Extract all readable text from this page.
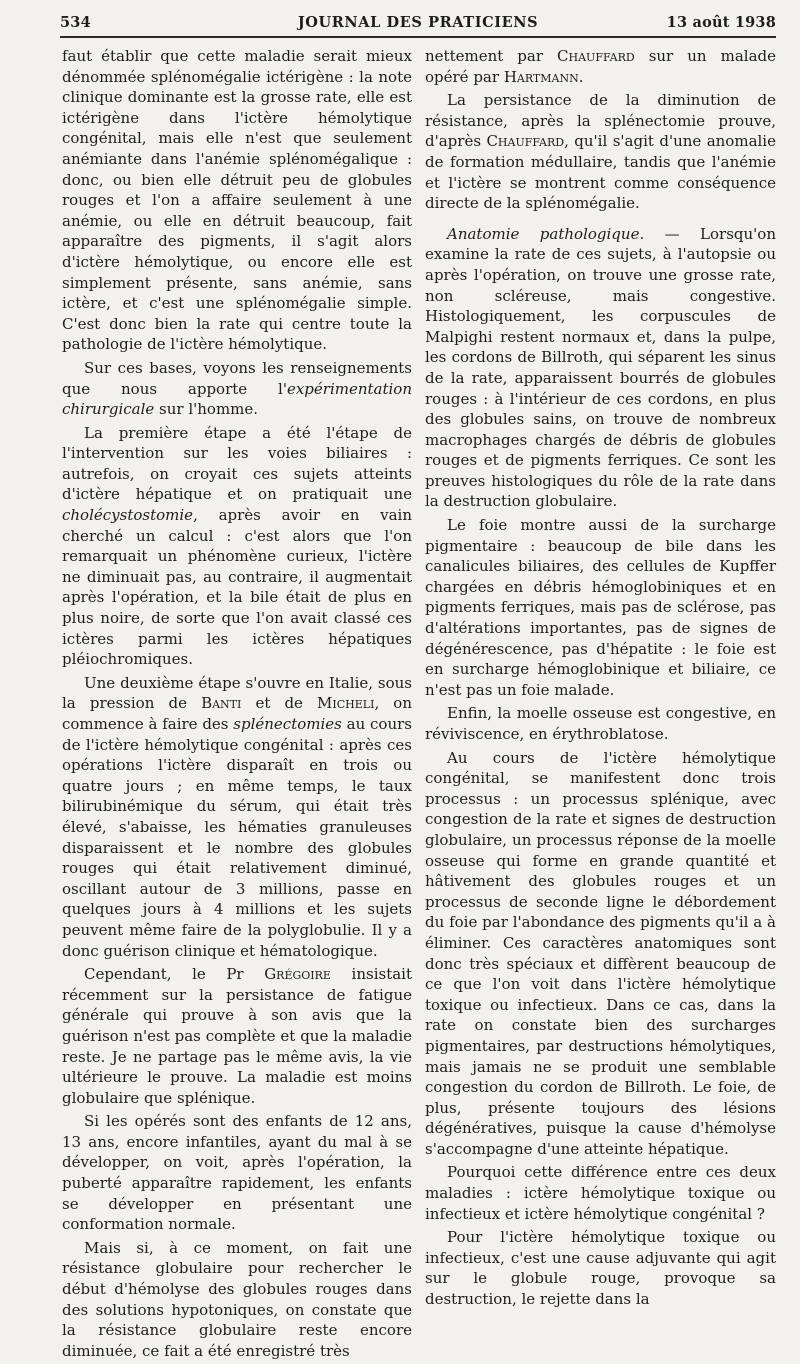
534	JOURNAL DES PRATICIENS	13 août 1938

faut établir que cette maladie serait mieux dénommée splénomégalie ictérigène : la note clinique dominante est la grosse rate, elle est ictérigène dans l'ictère hémolytique congénital, mais elle n'est que seulement anémiante dans l'anémie splénomégalique : donc, ou bien elle détruit peu de globules rouges et l'on a affaire seulement à une anémie, ou elle en détruit beaucoup, fait apparaître des pigments, il s'agit alors d'ictère hémolytique, ou encore elle est simplement présente, sans anémie, sans ictère, et c'est une splénomégalie simple. C'est donc bien la rate qui centre toute la pathologie de l'ictère hémolytique.

Sur ces bases, voyons les renseignements que nous apporte l'expérimentation chirurgicale sur l'homme.

La première étape a été l'étape de l'intervention sur les voies biliaires : autrefois, on croyait ces sujets atteints d'ictère hépatique et on pratiquait une cholécystostomie, après avoir en vain cherché un calcul : c'est alors que l'on remarquait un phénomène curieux, l'ictère ne diminuait pas, au contraire, il augmentait après l'opération, et la bile était de plus en plus noire, de sorte que l'on avait classé ces ictères parmi les ictères hépatiques pléiochromiques.

Une deuxième étape s'ouvre en Italie, sous la pression de Banti et de Micheli, on commence à faire des splénectomies au cours de l'ictère hémolytique congénital : après ces opérations l'ictère disparaît en trois ou quatre jours ; en même temps, le taux bilirubinémique du sérum, qui était très élevé, s'abaisse, les hématies granuleuses disparaissent et le nombre des globules rouges qui était relativement diminué, oscillant autour de 3 millions, passe en quelques jours à 4 millions et les sujets peuvent même faire de la polyglobulie. Il y a donc guérison clinique et hématologique.

Cependant, le Pr Grégoire insistait récemment sur la persistance de fatigue générale qui prouve à son avis que la guérison n'est pas complète et que la maladie reste. Je ne partage pas le même avis, la vie ultérieure le prouve. La maladie est moins globulaire que splénique.

Si les opérés sont des enfants de 12 ans, 13 ans, encore infantiles, ayant du mal à se développer, on voit, après l'opération, la puberté apparaître rapidement, les enfants se développer en présentant une conformation normale.

Mais si, à ce moment, on fait une résistance globulaire pour rechercher le début d'hémolyse des globules rouges dans des solutions hypotoniques, on constate que la résistance globulaire reste encore diminuée, ce fait a été enregistré très

nettement par Chauffard sur un malade opéré par Hartmann.

La persistance de la diminution de résistance, après la splénectomie prouve, d'après Chauffard, qu'il s'agit d'une anomalie de formation médullaire, tandis que l'anémie et l'ictère se montrent comme conséquence directe de la splénomégalie.

Anatomie pathologique. — Lorsqu'on examine la rate de ces sujets, à l'autopsie ou après l'opération, on trouve une grosse rate, non scléreuse, mais congestive. Histologiquement, les corpuscules de Malpighi restent normaux et, dans la pulpe, les cordons de Billroth, qui séparent les sinus de la rate, apparaissent bourrés de globules rouges : à l'intérieur de ces cordons, en plus des globules sains, on trouve de nombreux macrophages chargés de débris de globules rouges et de pigments ferriques. Ce sont les preuves histologiques du rôle de la rate dans la destruction globulaire.

Le foie montre aussi de la surcharge pigmentaire : beaucoup de bile dans les canalicules biliaires, des cellules de Kupffer chargées en débris hémoglobiniques et en pigments ferriques, mais pas de sclérose, pas d'altérations importantes, pas de signes de dégénérescence, pas d'hépatite : le foie est en surcharge hémoglobinique et biliaire, ce n'est pas un foie malade.

Enfin, la moelle osseuse est congestive, en réviviscence, en érythroblatose.

Au cours de l'ictère hémolytique congénital, se manifestent donc trois processus : un processus splénique, avec congestion de la rate et signes de destruction globulaire, un processus réponse de la moelle osseuse qui forme en grande quantité et hâtivement des globules rouges et un processus de seconde ligne le débordement du foie par l'abondance des pigments qu'il a à éliminer. Ces caractères anatomiques sont donc très spéciaux et diffèrent beaucoup de ce que l'on voit dans l'ictère hémolytique toxique ou infectieux. Dans ce cas, dans la rate on constate bien des surcharges pigmentaires, par destructions hémolytiques, mais jamais ne se produit une semblable congestion du cordon de Billroth. Le foie, de plus, présente toujours des lésions dégénératives, puisque la cause d'hémolyse s'accompagne d'une atteinte hépatique.

Pourquoi cette différence entre ces deux maladies : ictère hémolytique toxique ou infectieux et ictère hémolytique congénital ?

Pour l'ictère hémolytique toxique ou infectieux, c'est une cause adjuvante qui agit sur le globule rouge, provoque sa destruction, le rejette dans la
